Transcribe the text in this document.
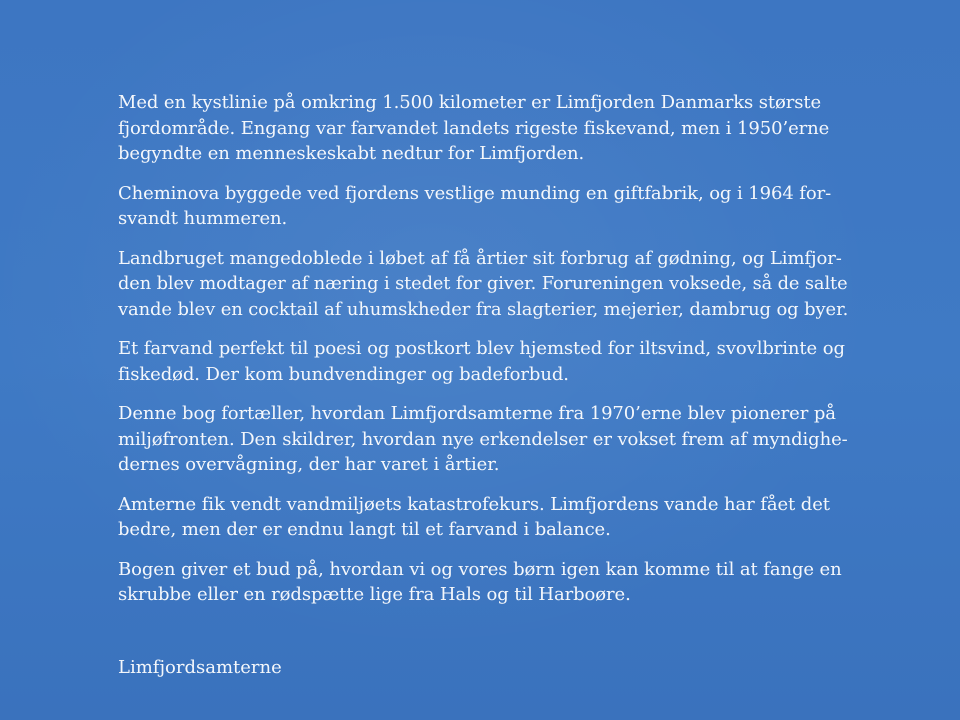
Med en kystlinie på omkring 1.500 kilometer er Limfjorden Danmarks største
fjordområde. Engang var farvandet landets rigeste fiskevand, men i 1950’erne
begyndte en menneskeskabt nedtur for Limfjorden.

Cheminova byggede ved fjordens vestlige munding en giftfabrik, og i 1964 for-
svandt hummeren.

Landbruget mangedoblede i løbet af få årtier sit forbrug af gødning, og Limfjor-
den blev modtager af næring i stedet for giver. Forureningen voksede, så de salte
vande blev en cocktail af uhumskheder fra slagterier, mejerier, dambrug og byer.

Et farvand perfekt til poesi og postkort blev hjemsted for iltsvind, svovlbrinte og
fiskedød. Der kom bundvendinger og badeforbud.

Denne bog fortæller, hvordan Limfjordsamterne fra 1970’erne blev pionerer på
miljøfronten. Den skildrer, hvordan nye erkendelser er vokset frem af myndighe-
dernes overvågning, der har varet i årtier.

Amterne fik vendt vandmiljøets katastrofekurs. Limfjordens vande har fået det
bedre, men der er endnu langt til et farvand i balance.

Bogen giver et bud på, hvordan vi og vores børn igen kan komme til at fange en
skrubbe eller en rødspætte lige fra Hals og til Harboøre.

Limfjordsamterne
